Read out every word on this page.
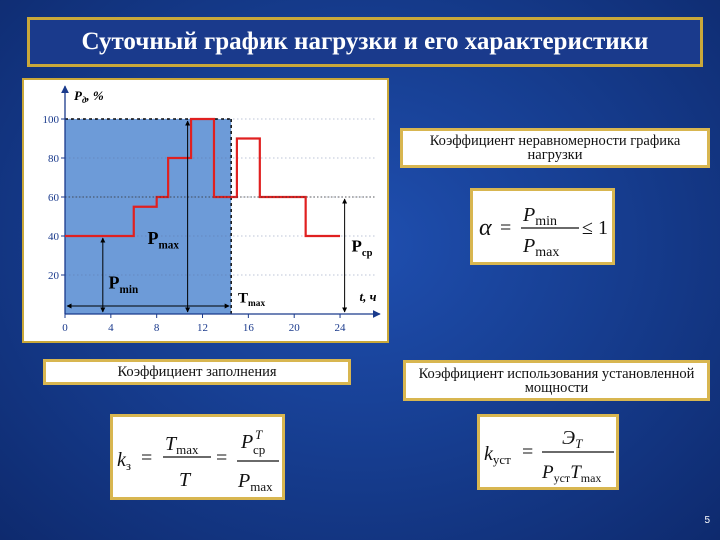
Суточный график нагрузки и его характеристики
100
80
60
40
20
0	4	8	12	16	20	24
$P_{max}$
$P_{min}$
$T_{max}$
$P_{ср}$
$P_д$, %
t, ч
Коэффициент неравномерности графика нагрузки
α =
$P_{min}$
$P_{max}$
≤ 1
Коэффициент заполнения	Коэффициент использования установленной мощности
$k_з$ =
$T_{max}$
T
=
P T
ср
$P_{max}$
$k_{уст}$ =
$Э_T$
$P_{уст}T_{max}$
5
